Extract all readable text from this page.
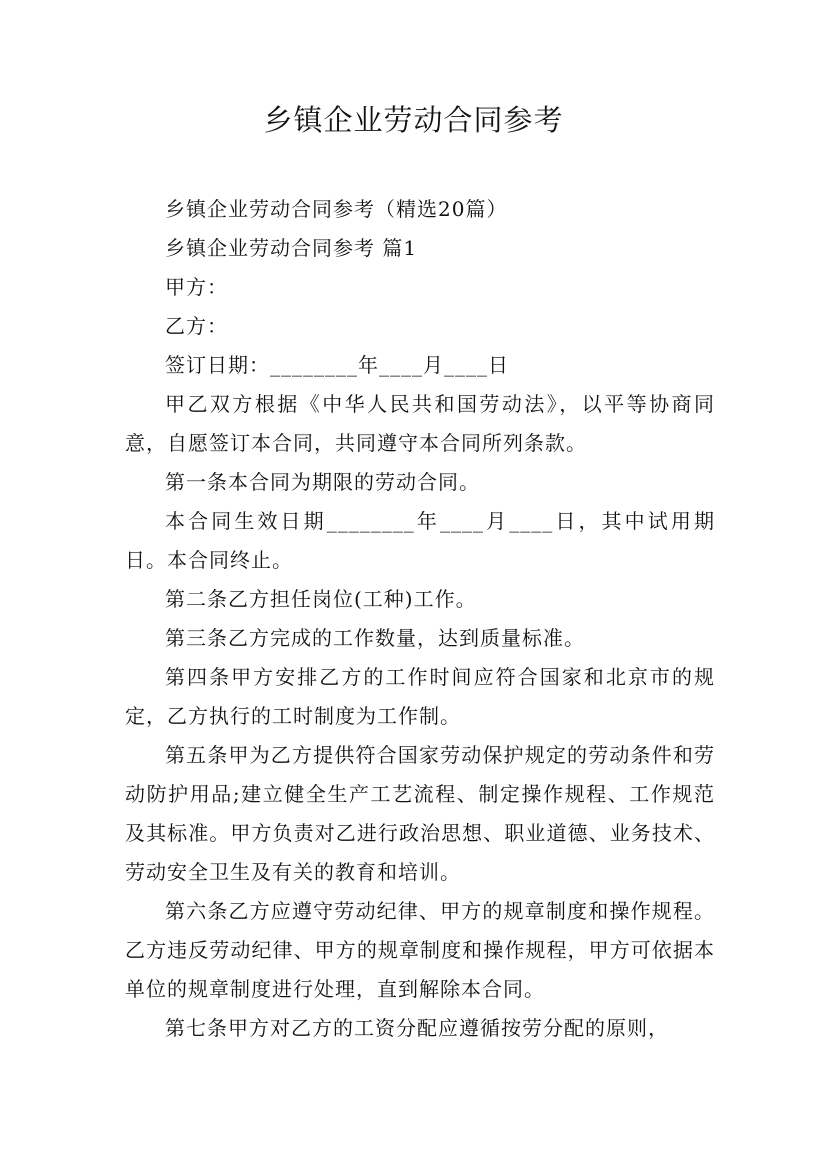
乡镇企业劳动合同参考

乡镇企业劳动合同参考（精选20篇）

乡镇企业劳动合同参考 篇1

甲方：

乙方：

签订日期：________年____月____日

甲乙双方根据《中华人民共和国劳动法》，以平等协商同意，自愿签订本合同，共同遵守本合同所列条款。

第一条本合同为期限的劳动合同。

本合同生效日期________年____月____日，其中试用期日。本合同终止。

第二条乙方担任岗位(工种)工作。

第三条乙方完成的工作数量，达到质量标准。

第四条甲方安排乙方的工作时间应符合国家和北京市的规定，乙方执行的工时制度为工作制。

第五条甲为乙方提供符合国家劳动保护规定的劳动条件和劳动防护用品;建立健全生产工艺流程、制定操作规程、工作规范及其标准。甲方负责对乙进行政治思想、职业道德、业务技术、劳动安全卫生及有关的教育和培训。

第六条乙方应遵守劳动纪律、甲方的规章制度和操作规程。乙方违反劳动纪律、甲方的规章制度和操作规程，甲方可依据本单位的规章制度进行处理，直到解除本合同。

第七条甲方对乙方的工资分配应遵循按劳分配的原则，
